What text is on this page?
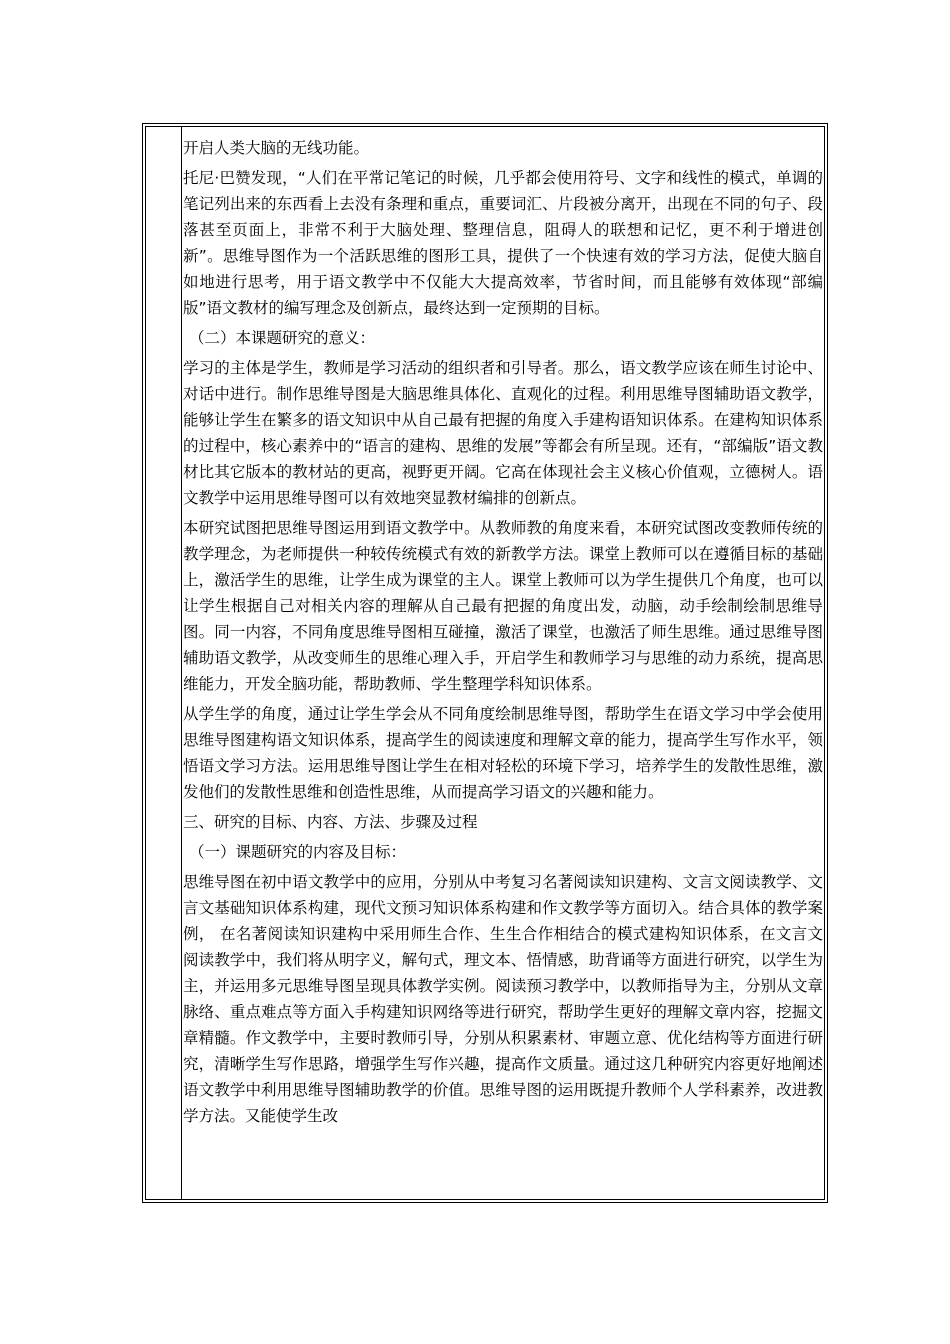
开启人类大脑的无线功能。

托尼·巴赞发现，“人们在平常记笔记的时候，几乎都会使用符号、文字和线性的模式，单调的笔记列出来的东西看上去没有条理和重点，重要词汇、片段被分离开，出现在不同的句子、段落甚至页面上，非常不利于大脑处理、整理信息，阻碍人的联想和记忆，更不利于增进创新”。思维导图作为一个活跃思维的图形工具，提供了一个快速有效的学习方法，促使大脑自如地进行思考，用于语文教学中不仅能大大提高效率，节省时间，而且能够有效体现“部编版”语文教材的编写理念及创新点，最终达到一定预期的目标。

（二）本课题研究的意义：

学习的主体是学生，教师是学习活动的组织者和引导者。那么，语文教学应该在师生讨论中、对话中进行。制作思维导图是大脑思维具体化、直观化的过程。利用思维导图辅助语文教学，能够让学生在繁多的语文知识中从自己最有把握的角度入手建构语知识体系。在建构知识体系的过程中，核心素养中的“语言的建构、思维的发展”等都会有所呈现。还有，“部编版”语文教材比其它版本的教材站的更高，视野更开阔。它高在体现社会主义核心价值观，立德树人。语文教学中运用思维导图可以有效地突显教材编排的创新点。

本研究试图把思维导图运用到语文教学中。从教师教的角度来看，本研究试图改变教师传统的教学理念，为老师提供一种较传统模式有效的新教学方法。课堂上教师可以在遵循目标的基础上，激活学生的思维，让学生成为课堂的主人。课堂上教师可以为学生提供几个角度，也可以让学生根据自己对相关内容的理解从自己最有把握的角度出发，动脑，动手绘制绘制思维导图。同一内容，不同角度思维导图相互碰撞，激活了课堂，也激活了师生思维。通过思维导图辅助语文教学，从改变师生的思维心理入手，开启学生和教师学习与思维的动力系统，提高思维能力，开发全脑功能，帮助教师、学生整理学科知识体系。

从学生学的角度，通过让学生学会从不同角度绘制思维导图，帮助学生在语文学习中学会使用思维导图建构语文知识体系，提高学生的阅读速度和理解文章的能力，提高学生写作水平，领悟语文学习方法。运用思维导图让学生在相对轻松的环境下学习，培养学生的发散性思维，激发他们的发散性思维和创造性思维，从而提高学习语文的兴趣和能力。

三、研究的目标、内容、方法、步骤及过程

（一）课题研究的内容及目标：

思维导图在初中语文教学中的应用，分别从中考复习名著阅读知识建构、文言文阅读教学、文言文基础知识体系构建，现代文预习知识体系构建和作文教学等方面切入。结合具体的教学案例， 在名著阅读知识建构中采用师生合作、生生合作相结合的模式建构知识体系，在文言文阅读教学中，我们将从明字义，解句式，理文本、悟情感，助背诵等方面进行研究，以学生为主，并运用多元思维导图呈现具体教学实例。阅读预习教学中，以教师指导为主，分别从文章脉络、重点难点等方面入手构建知识网络等进行研究，帮助学生更好的理解文章内容，挖掘文章精髓。作文教学中，主要时教师引导，分别从积累素材、审题立意、优化结构等方面进行研究，清晰学生写作思路，增强学生写作兴趣，提高作文质量。通过这几种研究内容更好地阐述语文教学中利用思维导图辅助教学的价值。思维导图的运用既提升教师个人学科素养，改进教学方法。又能使学生改
